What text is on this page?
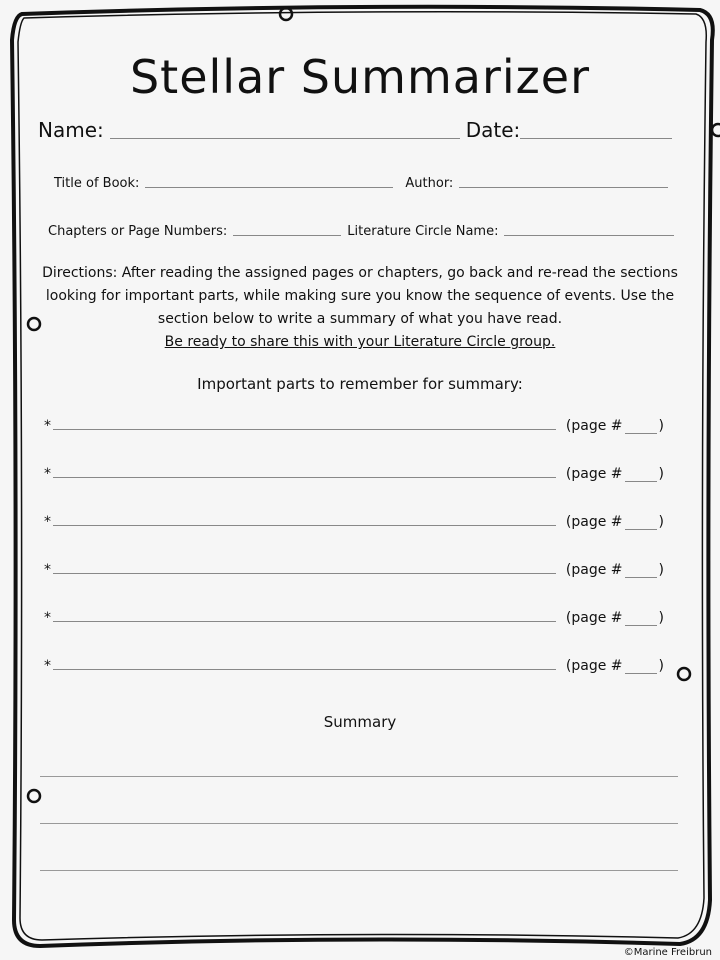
Stellar Summarizer
Name:	Date:
Title of Book:	Author:
Chapters or Page Numbers:	Literature Circle Name:
Directions: After reading the assigned pages or chapters, go back and re-read the sections looking for important parts, while making sure you know the sequence of events. Use the section below to write a summary of what you have read.
Be ready to share this with your Literature Circle group.
Important parts to remember for summary:
*	(page #	)
*	(page #	)
*	(page #	)
*	(page #	)
*	(page #	)
*	(page #	)
Summary
©Marine Freibrun
